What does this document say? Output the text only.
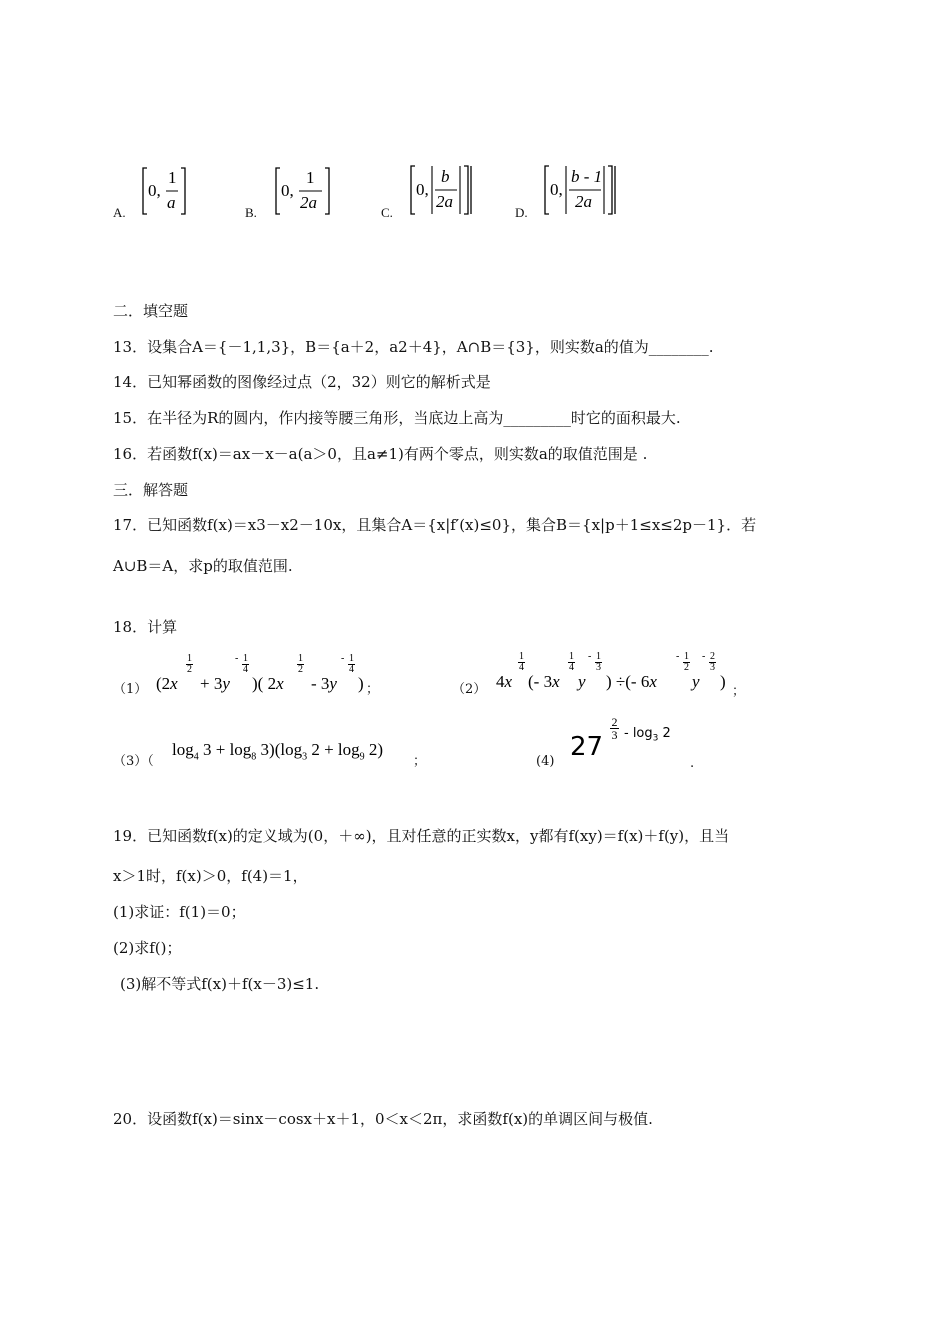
A.
0,
1
a
B.
0,
1
2a
C.
0,
b
2a
D.
0,
b - 1
2a
二．填空题
13．设集合A＝{－1,1,3}，B＝{a＋2，a2＋4}，A∩B＝{3}，则实数a的值为________.
14．已知幂函数的图像经过点（2，32）则它的解析式是
15．在半径为R的圆内，作内接等腰三角形，当底边上高为_________时它的面积最大.
16．若函数f(x)＝ax－x－a(a＞0，且a≠1)有两个零点，则实数a的取值范围是 .
三．解答题
17．已知函数f(x)＝x3－x2－10x，且集合A＝{x|f′(x)≤0}，集合B＝{x|p＋1≤x≤2p－1}．若
A∪B＝A，求p的取值范围.
18．计算
（1） (2x
1

2
+ 3y
- 1

4
)( 2x
1

2
- 3y
- 1

4
) ；	（2） 4x
1

4
(- 3x
1

4
y
- 1

3
) ÷(- 6x
- 1

2
y
- 2

3
)
；
（3）（
$\log_4 3 + \log_8 3)(\log_3$ $2 + \log_9 2$)
；	(4) 27
2

$3 - \log_3 2$
.
19．已知函数f(x)的定义域为(0，＋∞)，且对任意的正实数x，y都有f(xy)＝f(x)＋f(y)，且当
x＞1时，f(x)＞0，f(4)＝1，
(1)求证：f(1)＝0；
(2)求f()；
(3)解不等式f(x)＋f(x－3)≤1.
20．设函数f(x)＝sinx－cosx＋x＋1，0＜x＜2π，求函数f(x)的单调区间与极值.
